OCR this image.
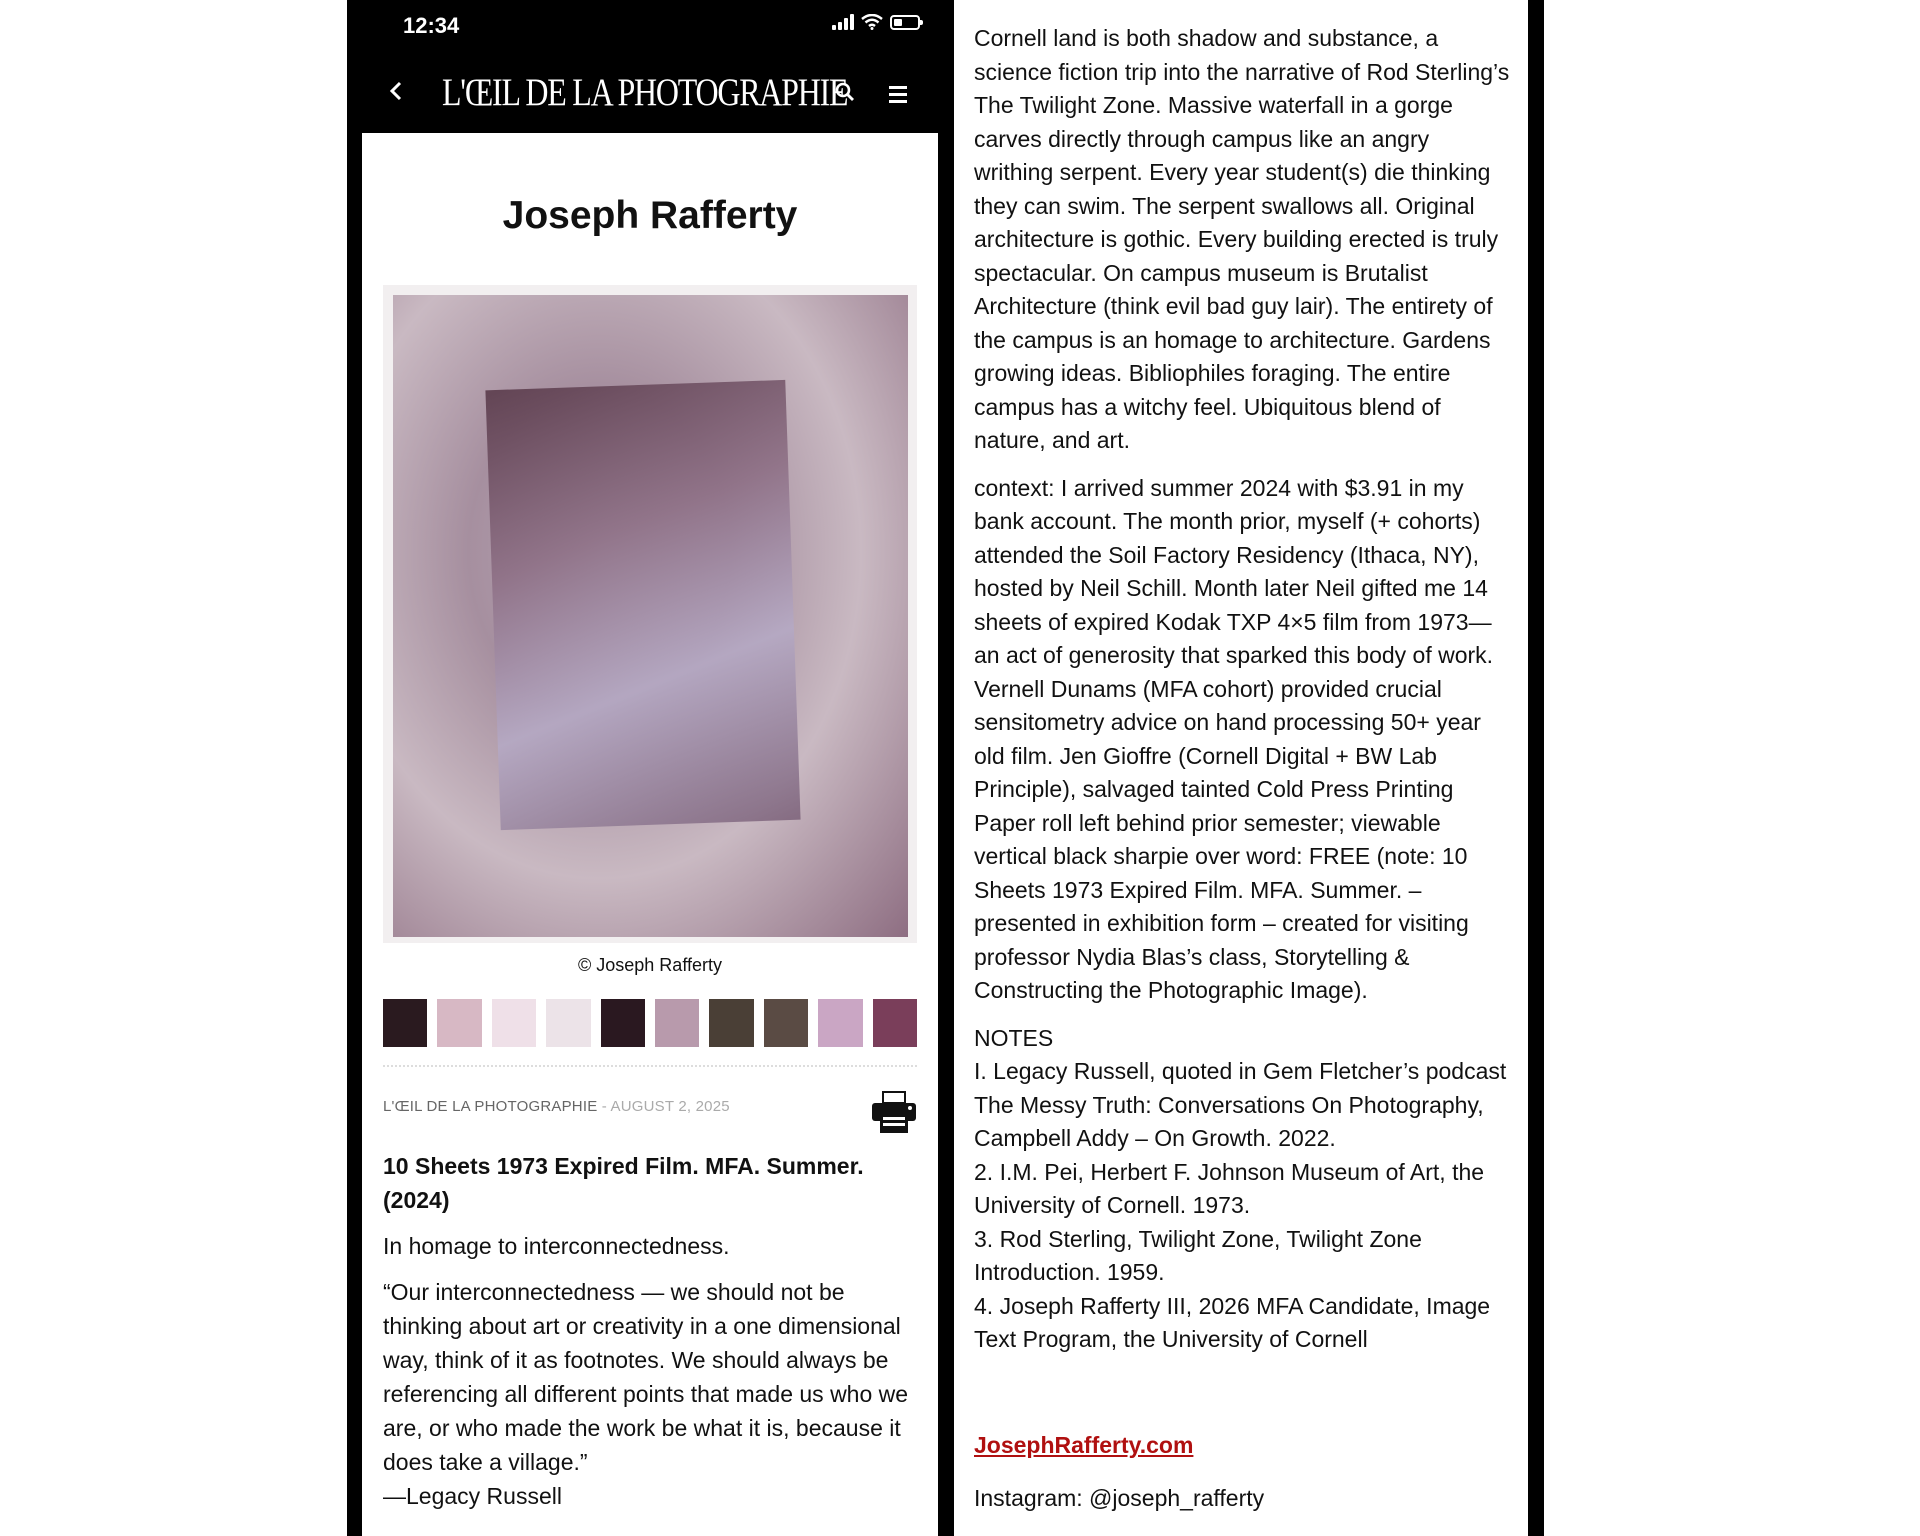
12:34
L'ŒIL DE LA PHOTOGRAPHIE
Joseph Rafferty
© Joseph Rafferty
L'ŒIL DE LA PHOTOGRAPHIE - AUGUST 2, 2025
10 Sheets 1973 Expired Film. MFA. Summer. (2024)

In homage to interconnectedness.

“Our interconnectedness — we should not be thinking about art or creativity in a one dimensional way, think of it as footnotes. We should always be referencing all different points that made us who we are, or who made the work be what it is, because it does take a village.”
—Legacy Russell

Cornell land is both shadow and substance, a science fiction trip into the narrative of Rod Sterling’s The Twilight Zone. Massive waterfall in a gorge carves directly through campus like an angry writhing serpent. Every year student(s) die thinking they can swim. The serpent swallows all. Original architecture is gothic. Every building erected is truly spectacular. On campus museum is Brutalist Architecture (think evil bad guy lair). The entirety of the campus is an homage to architecture. Gardens growing ideas. Bibliophiles foraging. The entire campus has a witchy feel. Ubiquitous blend of nature, and art.

context: I arrived summer 2024 with $3.91 in my bank account. The month prior, myself (+ cohorts) attended the Soil Factory Residency (Ithaca, NY), hosted by Neil Schill. Month later Neil gifted me 14 sheets of expired Kodak TXP 4×5 film from 1973—an act of generosity that sparked this body of work. Vernell Dunams (MFA cohort) provided crucial sensitometry advice on hand processing 50+ year old film. Jen Gioffre (Cornell Digital + BW Lab Principle), salvaged tainted Cold Press Printing Paper roll left behind prior semester; viewable vertical black sharpie over word: FREE (note: 10 Sheets 1973 Expired Film. MFA. Summer. – presented in exhibition form – created for visiting professor Nydia Blas’s class, Storytelling & Constructing the Photographic Image).

NOTES
I. Legacy Russell, quoted in Gem Fletcher’s podcast The Messy Truth: Conversations On Photography, Campbell Addy – On Growth. 2022.
2. I.M. Pei, Herbert F. Johnson Museum of Art, the University of Cornell. 1973.
3. Rod Sterling, Twilight Zone, Twilight Zone Introduction. 1959.
4. Joseph Rafferty III, 2026 MFA Candidate, Image Text Program, the University of Cornell
JosephRafferty.com
Instagram: @joseph_rafferty
